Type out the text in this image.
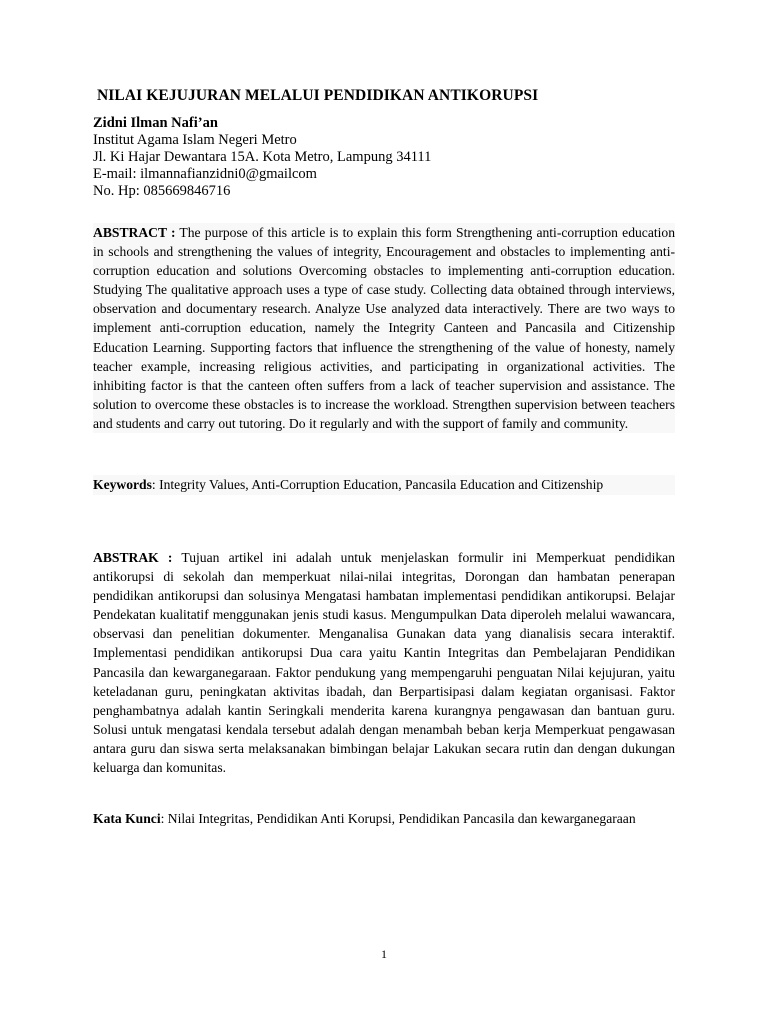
NILAI KEJUJURAN MELALUI PENDIDIKAN ANTIKORUPSI
Zidni Ilman Nafi’an
Institut Agama Islam Negeri Metro
Jl. Ki Hajar Dewantara 15A. Kota Metro, Lampung 34111
E-mail: ilmannafianzidni0@gmailcom
No. Hp: 085669846716

ABSTRACT : The purpose of this article is to explain this form Strengthening anti-corruption education in schools and strengthening the values of integrity, Encouragement and obstacles to implementing anti-corruption education and solutions Overcoming obstacles to implementing anti-corruption education. Studying The qualitative approach uses a type of case study. Collecting data obtained through interviews, observation and documentary research. Analyze Use analyzed data interactively. There are two ways to implement anti-corruption education, namely the Integrity Canteen and Pancasila and Citizenship Education Learning. Supporting factors that influence the strengthening of the value of honesty, namely teacher example, increasing religious activities, and participating in organizational activities. The inhibiting factor is that the canteen often suffers from a lack of teacher supervision and assistance. The solution to overcome these obstacles is to increase the workload. Strengthen supervision between teachers and students and carry out tutoring. Do it regularly and with the support of family and community.

Keywords: Integrity Values, Anti-Corruption Education, Pancasila Education and Citizenship

ABSTRAK : Tujuan artikel ini adalah untuk menjelaskan formulir ini Memperkuat pendidikan antikorupsi di sekolah dan memperkuat nilai-nilai integritas, Dorongan dan hambatan penerapan pendidikan antikorupsi dan solusinya Mengatasi hambatan implementasi pendidikan antikorupsi. Belajar Pendekatan kualitatif menggunakan jenis studi kasus. Mengumpulkan Data diperoleh melalui wawancara, observasi dan penelitian dokumenter. Menganalisa Gunakan data yang dianalisis secara interaktif. Implementasi pendidikan antikorupsi Dua cara yaitu Kantin Integritas dan Pembelajaran Pendidikan Pancasila dan kewarganegaraan. Faktor pendukung yang mempengaruhi penguatan Nilai kejujuran, yaitu keteladanan guru, peningkatan aktivitas ibadah, dan Berpartisipasi dalam kegiatan organisasi. Faktor penghambatnya adalah kantin Seringkali menderita karena kurangnya pengawasan dan bantuan guru. Solusi untuk mengatasi kendala tersebut adalah dengan menambah beban kerja Memperkuat pengawasan antara guru dan siswa serta melaksanakan bimbingan belajar Lakukan secara rutin dan dengan dukungan keluarga dan komunitas.

Kata Kunci: Nilai Integritas, Pendidikan Anti Korupsi, Pendidikan Pancasila dan kewarganegaraan

1
